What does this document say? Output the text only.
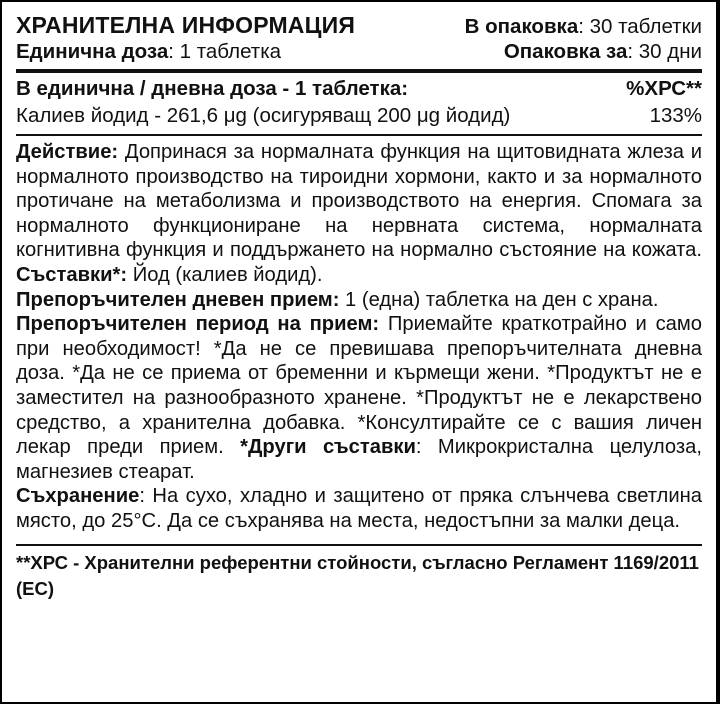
ХРАНИТЕЛНА ИНФОРМАЦИЯ	В опаковка: 30 таблетки
Единична доза: 1 таблетка	Опаковка за: 30 дни
В единична / дневна доза - 1 таблетка:	%ХРС**
Калиев йодид - 261,6 μg (осигуряващ 200 μg йодид)	133%

Действие: Допринася за нормалната функция на щитовидната жлеза и нормалното производство на тироидни хормони, както и за нормалното протичане на метаболизма и производството на енергия. Спомага за нормалното функциониране на нервната система, нормалната когнитивна функция и поддържането на нормално състояние на кожата. Съставки*: Йод (калиев йодид).

Препоръчителен дневен прием: 1 (една) таблетка на ден с храна.

Препоръчителен период на прием: Приемайте краткотрайно и само при необходимост! *Да не се превишава препоръчителната дневна доза. *Да не се приема от бременни и кърмещи жени. *Продуктът не е заместител на разнообразното хранене. *Продуктът не е лекарствено средство, а хранителна добавка. *Консултирайте се с вашия личен лекар преди прием. *Други съставки: Микрокристална целулоза, магнезиев стеарат.

Съхранение: На сухо, хладно и защитено от пряка слънчева светлина място, до 25°C. Да се съхранява на места, недостъпни за малки деца.

**ХРС - Хранителни референтни стойности, съгласно Регламент 1169/2011 (ЕС)
